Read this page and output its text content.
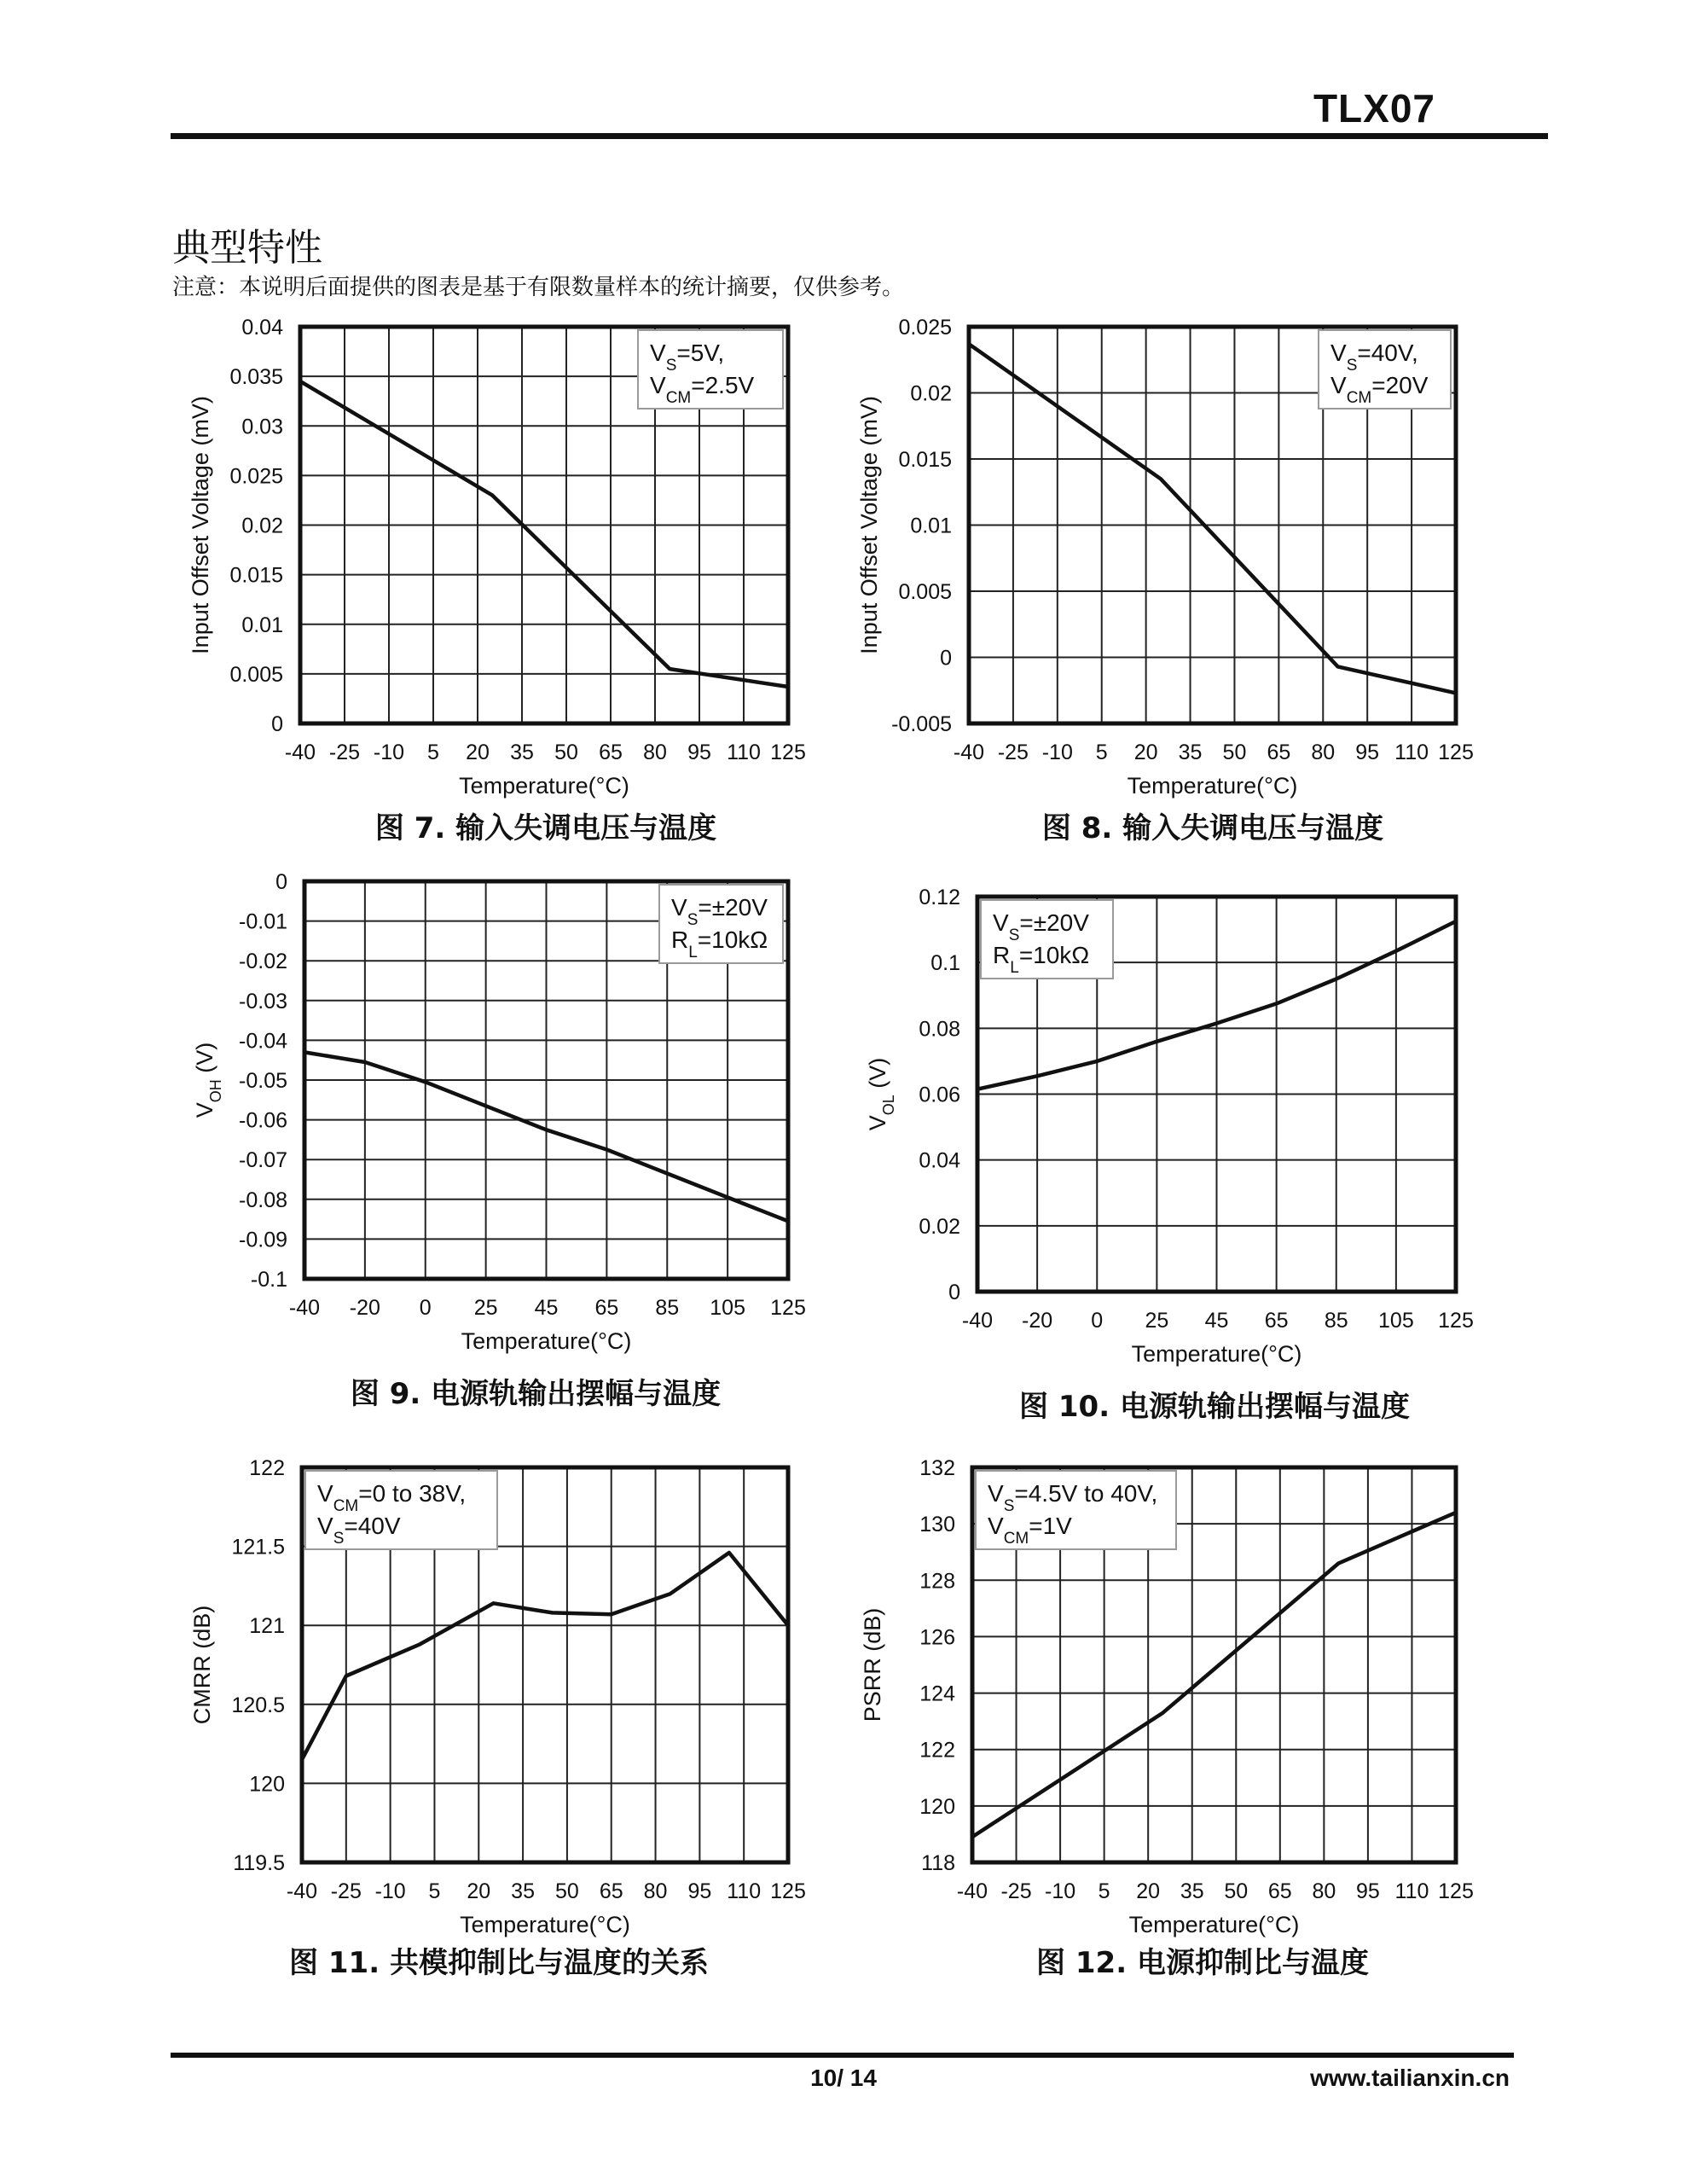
TLX07
典型特性
注意：本说明后面提供的图表是基于有限数量样本的统计摘要，仅供参考。
$V_S=5V$,
$V_{CM}=2.5V$
-40 -25 -10 5 20 35 50 65 80 95 110 125
0
0.005
0.01
0.015
0.02
0.025
0.03
0.035
0.04
Temperature(°C)
Input Offset Voltage (mV)
图 7. 输入失调电压与温度
$V_S=40V$,
$V_{CM}=20V$
-40 -25 -10 5 20 35 50 65 80 95 110 125
-0.005
0
0.005
0.01
0.015
0.02
0.025
Temperature(°C)
Input Offset Voltage (mV)
图 8. 输入失调电压与温度
$V_S=\pm 20V$
$R_L=10k\Omega$
-40 -20 0 25 45 65 85 105 125
-0.1
-0.09
-0.08
-0.07
-0.06
-0.05
-0.04
-0.03
-0.02
-0.01
0
Temperature(°C)
$V_{OH}$ (V)
图 9. 电源轨输出摆幅与温度
$V_S=\pm 20V$
$R_L=10k\Omega$
-40 -20 0 25 45 65 85 105 125
0
0.02
0.04
0.06
0.08
0.1
0.12
Temperature(°C)
$V_{OL}$ (V)
图 10. 电源轨输出摆幅与温度
$V_{CM}=0$ to 38V,
$V_S=40V$
-40 -25 -10 5 20 35 50 65 80 95 110 125
119.5
120
120.5
121
121.5
122
Temperature(°C)
CMRR (dB)
图 11. 共模抑制比与温度的关系
$V_S=4.5V$ to 40V,
$V_{CM}=1V$
-40 -25 -10 5 20 35 50 65 80 95 110 125
118
120
122
124
126
128
130
132
Temperature(°C)
PSRR (dB)
图 12. 电源抑制比与温度
10/ 14	www.tailianxin.cn
